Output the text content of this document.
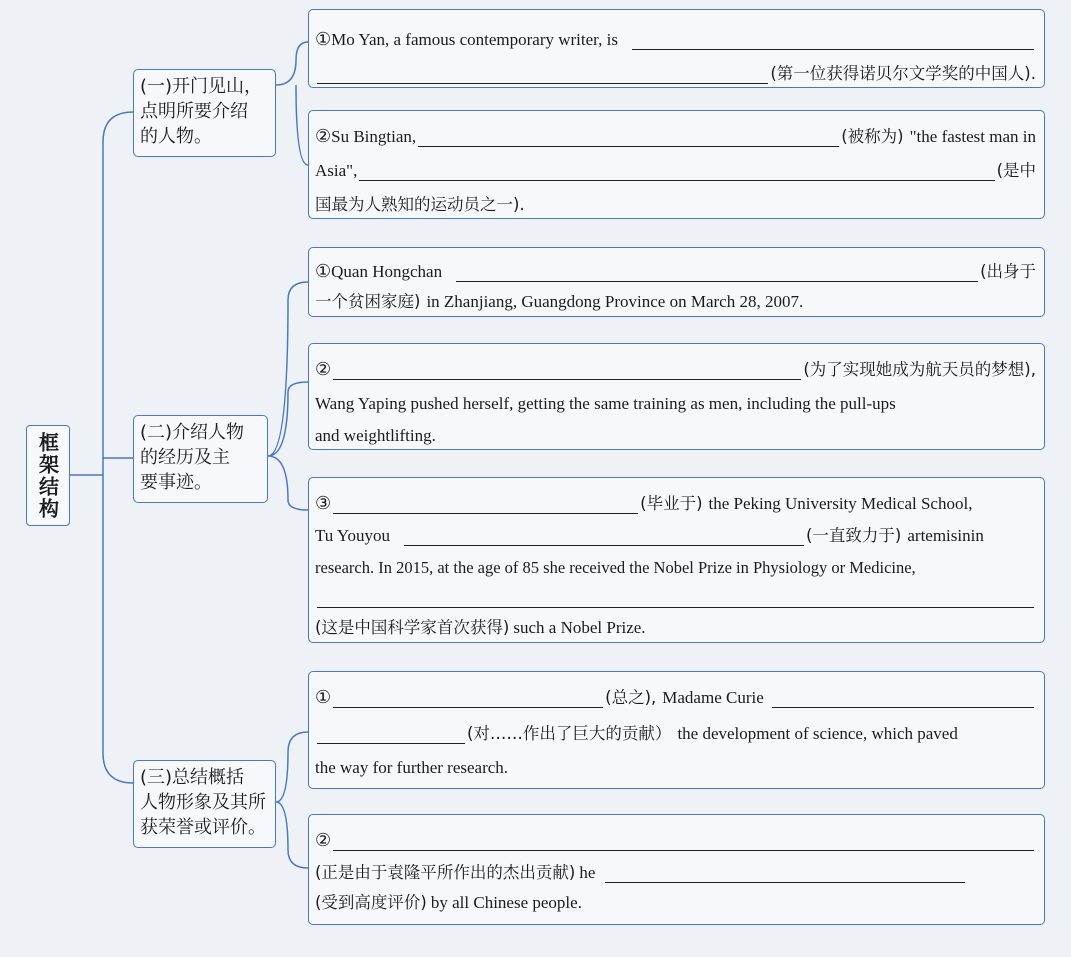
框架结构
(一)开门见山，
点明所要介绍
的人物。
① Mo Yan, a famous contemporary writer, is
(第一位获得诺贝尔文学奖的中国人).
② Su Bingtian,	(被称为) "the fastest man in
Asia",	(是中
国最为人熟知的运动员之一).
(二)介绍人物
的经历及主
要事迹。
① Quan Hongchan	(出身于
一个贫困家庭) in Zhanjiang, Guangdong Province on March 28, 2007.
②	(为了实现她成为航天员的梦想),
Wang Yaping pushed herself, getting the same training as men, including the pull-ups
and weightlifting.
③	(毕业于) the Peking University Medical School,
Tu Youyou	(一直致力于) artemisinin
research. In 2015, at the age of 85 she received the Nobel Prize in Physiology or Medicine,
(这是中国科学家首次获得) such a Nobel Prize.
(三)总结概括
人物形象及其所
获荣誉或评价。
①	(总之), Madame Curie
(对……作出了巨大的贡献） the development of science, which paved
the way for further research.
②
(正是由于袁隆平所作出的杰出贡献) he
(受到高度评价) by all Chinese people.
